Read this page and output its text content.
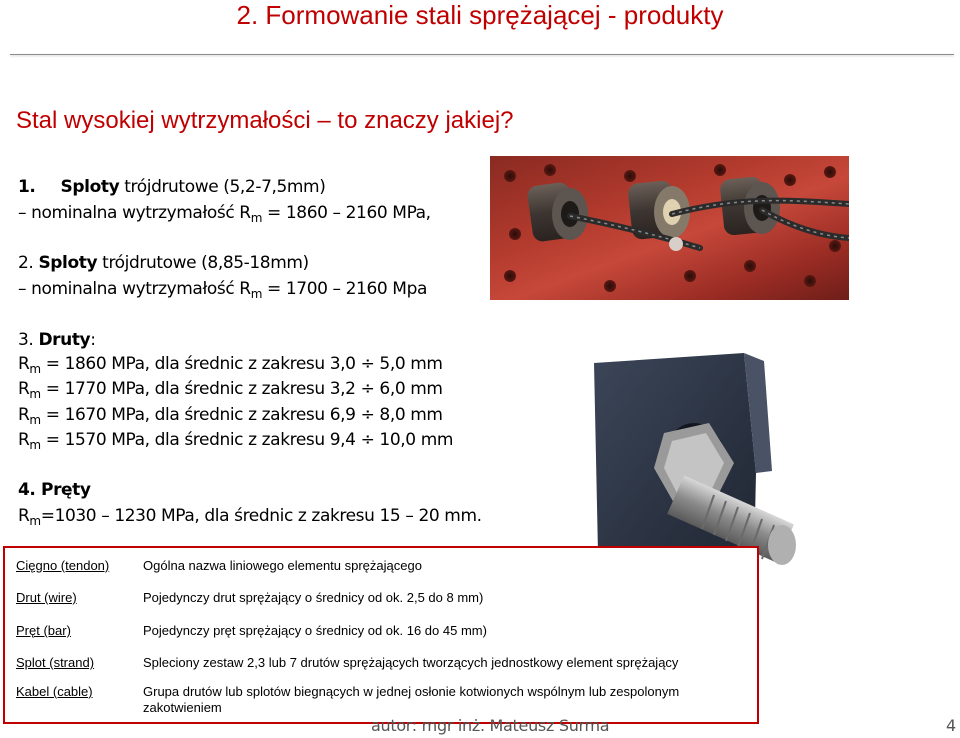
2. Formowanie stali sprężającej - produkty
Stal wysokiej wytrzymałości – to znaczy jakiej?
1. Sploty trójdrutowe (5,2-7,5mm)
– nominalna wytrzymałość $R_m = 1860 - 2160$ MPa,
2. Sploty trójdrutowe (8,85-18mm)
– nominalna wytrzymałość $R_m = 1700 - 2160$ Mpa
3. Druty:
$R_m = 1860$ MPa, dla średnic z zakresu 3,0 ÷ 5,0 mm
$R_m = 1770$ MPa, dla średnic z zakresu 3,2 ÷ 6,0 mm
$R_m = 1670$ MPa, dla średnic z zakresu 6,9 ÷ 8,0 mm
$R_m = 1570$ MPa, dla średnic z zakresu 9,4 ÷ 10,0 mm
4. Pręty
$R_m=1030 - 1230$ MPa, dla średnic z zakresu 15 – 20 mm.
Cięgno (tendon)	Ogólna nazwa liniowego elementu sprężającego
Drut (wire)	Pojedynczy drut sprężający o średnicy od ok. 2,5 do 8 mm)
Pręt (bar)	Pojedynczy pręt sprężający o średnicy od ok. 16 do 45 mm)
Splot (strand)	Spleciony zestaw 2,3 lub 7 drutów sprężających tworzących jednostkowy element sprężający
Kabel (cable)	Grupa drutów lub splotów biegnących w jednej osłonie kotwionych wspólnym lub zespolonym zakotwieniem
autor: mgr inż. Mateusz Surma	4
